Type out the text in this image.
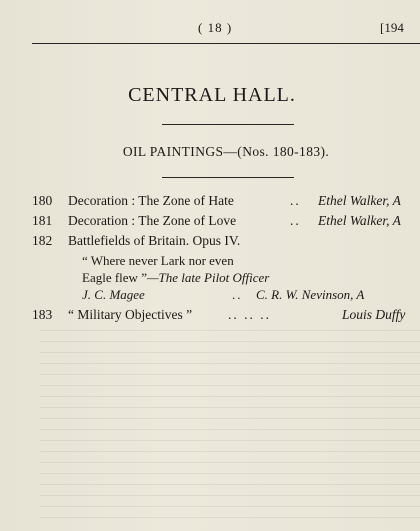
( 18 )	[194
CENTRAL HALL.
OIL PAINTINGS—(Nos. 180-183).
180 Decoration : The Zone of Hate	.. Ethel Walker, A
181 Decoration : The Zone of Love	.. Ethel Walker, A
182 Battlefields of Britain. Opus IV.
“ Where never Lark nor even
Eagle flew ”—The late Pilot Officer
J. C. Magee	.. C. R. W. Nevinson, A
183 “ Military Objectives ”	.. .. ..	Louis Duffy
